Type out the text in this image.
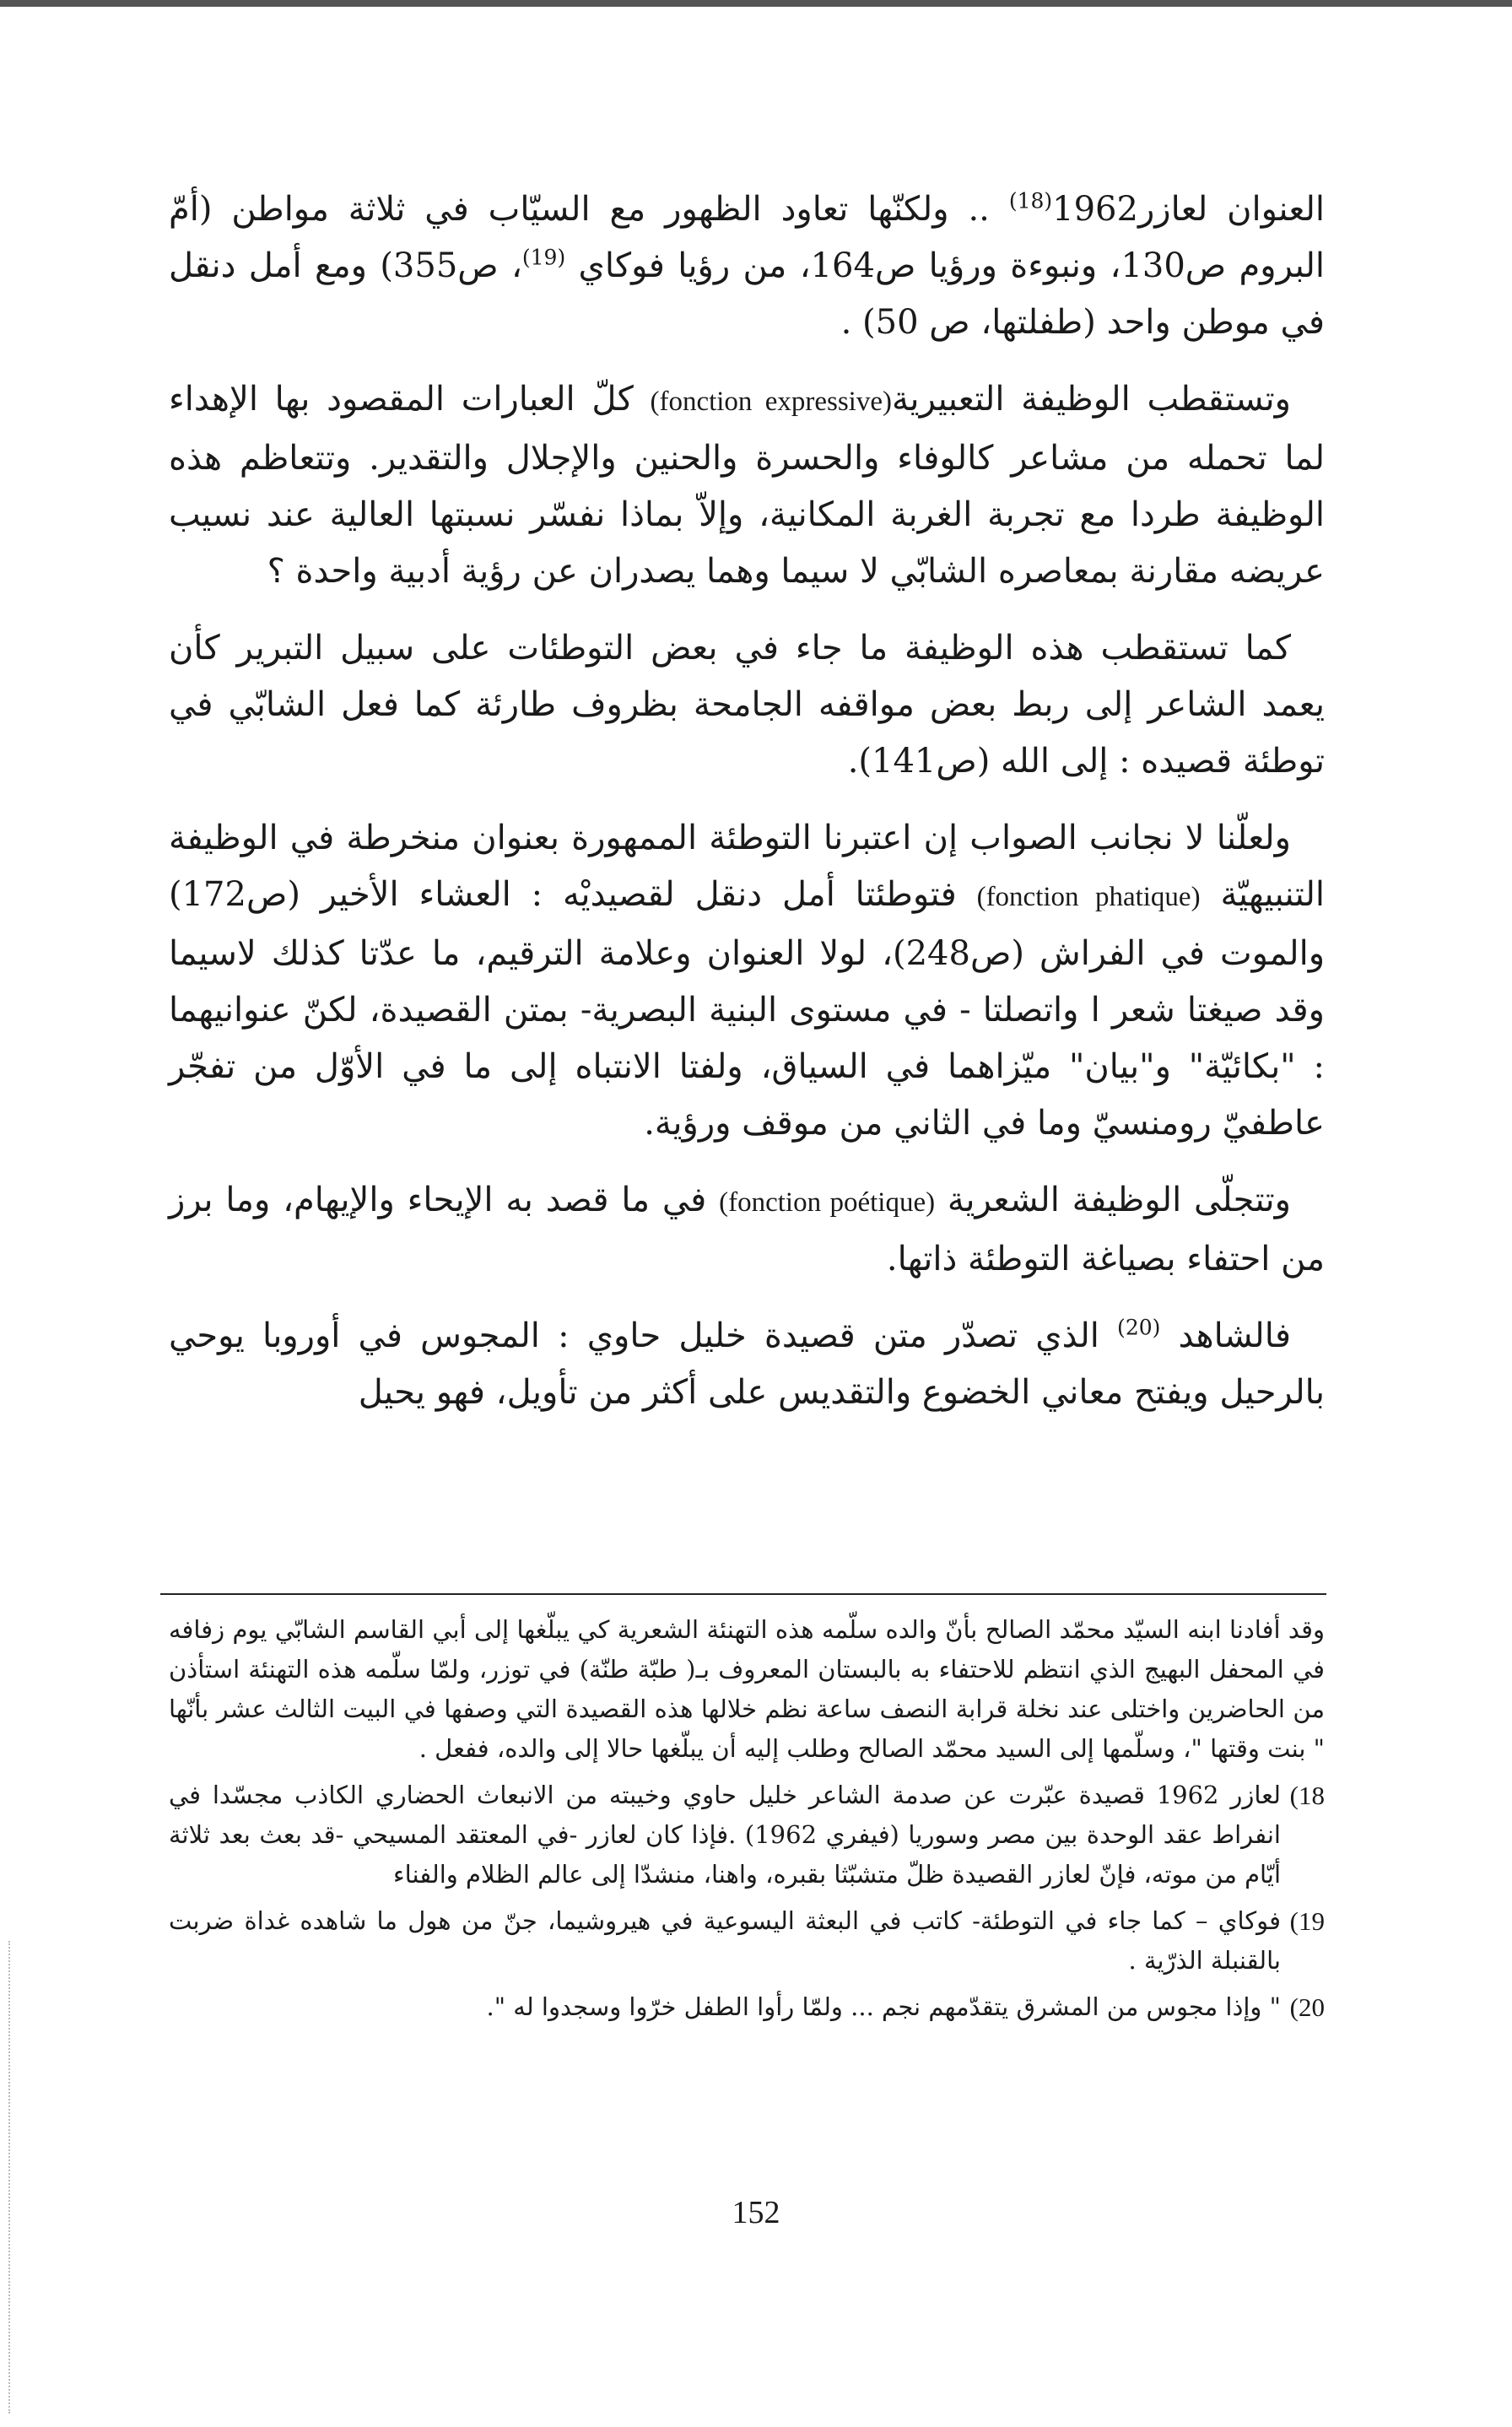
العنوان لعازر1962$^{(18)}$ .. ولكنّها تعاود الظهور مع السيّاب في ثلاثة مواطن (أمّ البروم ص130، ونبوءة ورؤيا ص164، من رؤيا فوكاي $^{(19)}$، ص355) ومع أمل دنقل في موطن واحد (طفلتها، ص 50) .

وتستقطب الوظيفة التعبيرية(fonction expressive) كلّ العبارات المقصود بها الإهداء لما تحمله من مشاعر كالوفاء والحسرة والحنين والإجلال والتقدير. وتتعاظم هذه الوظيفة طردا مع تجربة الغربة المكانية، وإلاّ بماذا نفسّر نسبتها العالية عند نسيب عريضه مقارنة بمعاصره الشابّي لا سيما وهما يصدران عن رؤية أدبية واحدة ؟

كما تستقطب هذه الوظيفة ما جاء في بعض التوطئات على سبيل التبرير كأن يعمد الشاعر إلى ربط بعض مواقفه الجامحة بظروف طارئة كما فعل الشابّي في توطئة قصيده : إلى الله (ص141).

ولعلّنا لا نجانب الصواب إن اعتبرنا التوطئة الممهورة بعنوان منخرطة في الوظيفة التنبيهيّة (fonction phatique) فتوطئتا أمل دنقل لقصيديْه : العشاء الأخير (ص172) والموت في الفراش (ص248)، لولا العنوان وعلامة الترقيم، ما عدّتا كذلك لاسيما وقد صيغتا شعر ا واتصلتا - في مستوى البنية البصرية- بمتن القصيدة، لكنّ عنوانيهما : "بكائيّة" و"بيان" ميّزاهما في السياق، ولفتا الانتباه إلى ما في الأوّل من تفجّر عاطفيّ رومنسيّ وما في الثاني من موقف ورؤية.

وتتجلّى الوظيفة الشعرية (fonction poétique) في ما قصد به الإيحاء والإيهام، وما برز من احتفاء بصياغة التوطئة ذاتها.

فالشاهد $^{(20)}$ الذي تصدّر متن قصيدة خليل حاوي : المجوس في أوروبا يوحي بالرحيل ويفتح معاني الخضوع والتقديس على أكثر من تأويل، فهو يحيل

وقد أفادنا ابنه السيّد محمّد الصالح بأنّ والده سلّمه هذه التهنئة الشعرية كي يبلّغها إلى أبي القاسم الشابّي يوم زفافه في المحفل البهيج الذي انتظم للاحتفاء به بالبستان المعروف بـ( طبّة طنّة) في توزر، ولمّا سلّمه هذه التهنئة استأذن من الحاضرين واختلى عند نخلة قرابة النصف ساعة نظم خلالها هذه القصيدة التي وصفها في البيت الثالث عشر بأنّها " بنت وقتها "، وسلّمها إلى السيد محمّد الصالح وطلب إليه أن يبلّغها حالا إلى والده، ففعل .

18)
لعازر 1962 قصيدة عبّرت عن صدمة الشاعر خليل حاوي وخيبته من الانبعاث الحضاري الكاذب مجسّدا في انفراط عقد الوحدة بين مصر وسوريا (فيفري 1962) .فإذا كان لعازر -في المعتقد المسيحي -قد بعث بعد ثلاثة أيّام من موته، فإنّ لعازر القصيدة ظلّ متشبّثا بقبره، واهنا، منشدّا إلى عالم الظلام والفناء
19)
فوكاي – كما جاء في التوطئة- كاتب في البعثة اليسوعية في هيروشيما، جنّ من هول ما شاهده غداة ضربت بالقنبلة الذرّية .
20)
" وإذا مجوس من المشرق يتقدّمهم نجم ... ولمّا رأوا الطفل خرّوا وسجدوا له ".
152
